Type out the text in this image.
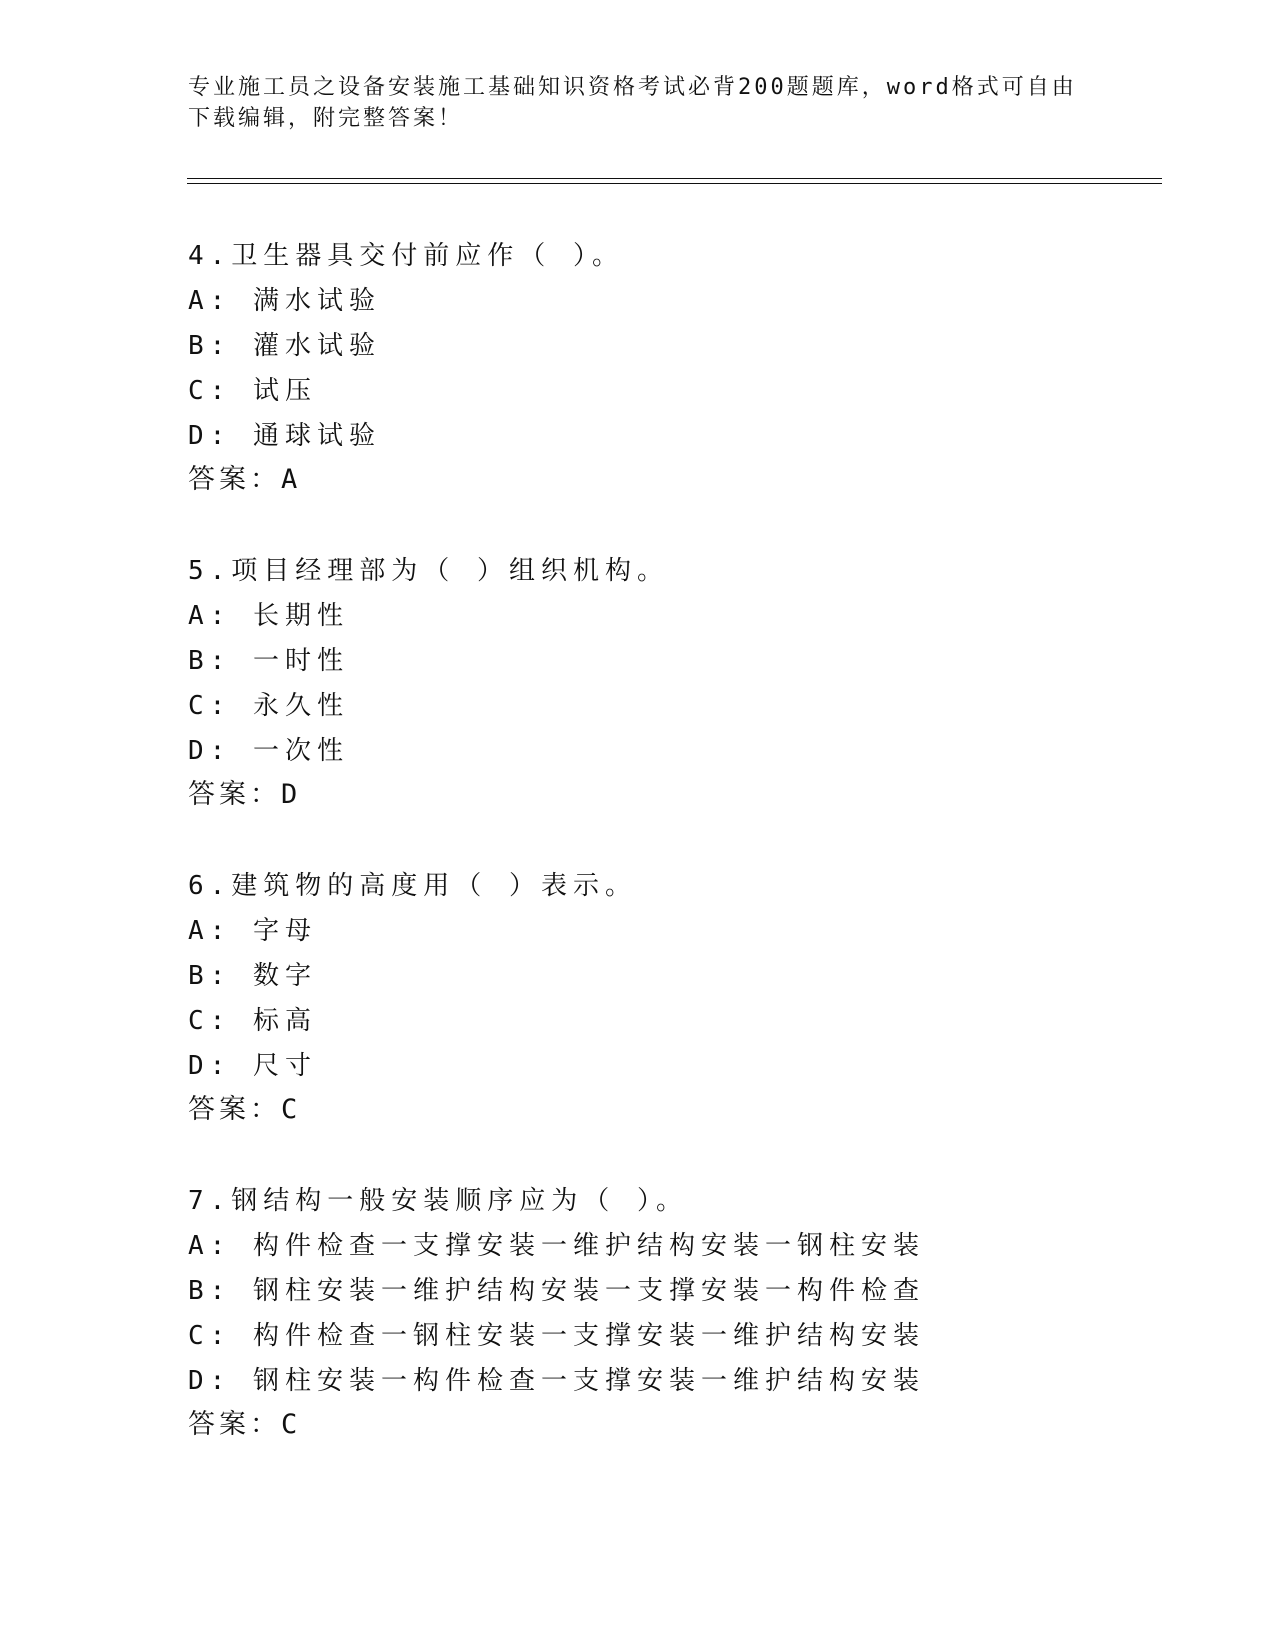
专业施工员之设备安装施工基础知识资格考试必背200题题库，word格式可自由
下载编辑，附完整答案！
4.卫生器具交付前应作（ ）。
A: 满水试验
B: 灌水试验
C: 试压
D: 通球试验
答案：A
5.项目经理部为（ ）组织机构。
A: 长期性
B: 一时性
C: 永久性
D: 一次性
答案：D
6.建筑物的高度用（ ）表示。
A: 字母
B: 数字
C: 标高
D: 尺寸
答案：C
7.钢结构一般安装顺序应为（ ）。
A: 构件检查一支撑安装一维护结构安装一钢柱安装
B: 钢柱安装一维护结构安装一支撑安装一构件检查
C: 构件检查一钢柱安装一支撑安装一维护结构安装
D: 钢柱安装一构件检查一支撑安装一维护结构安装
答案：C
